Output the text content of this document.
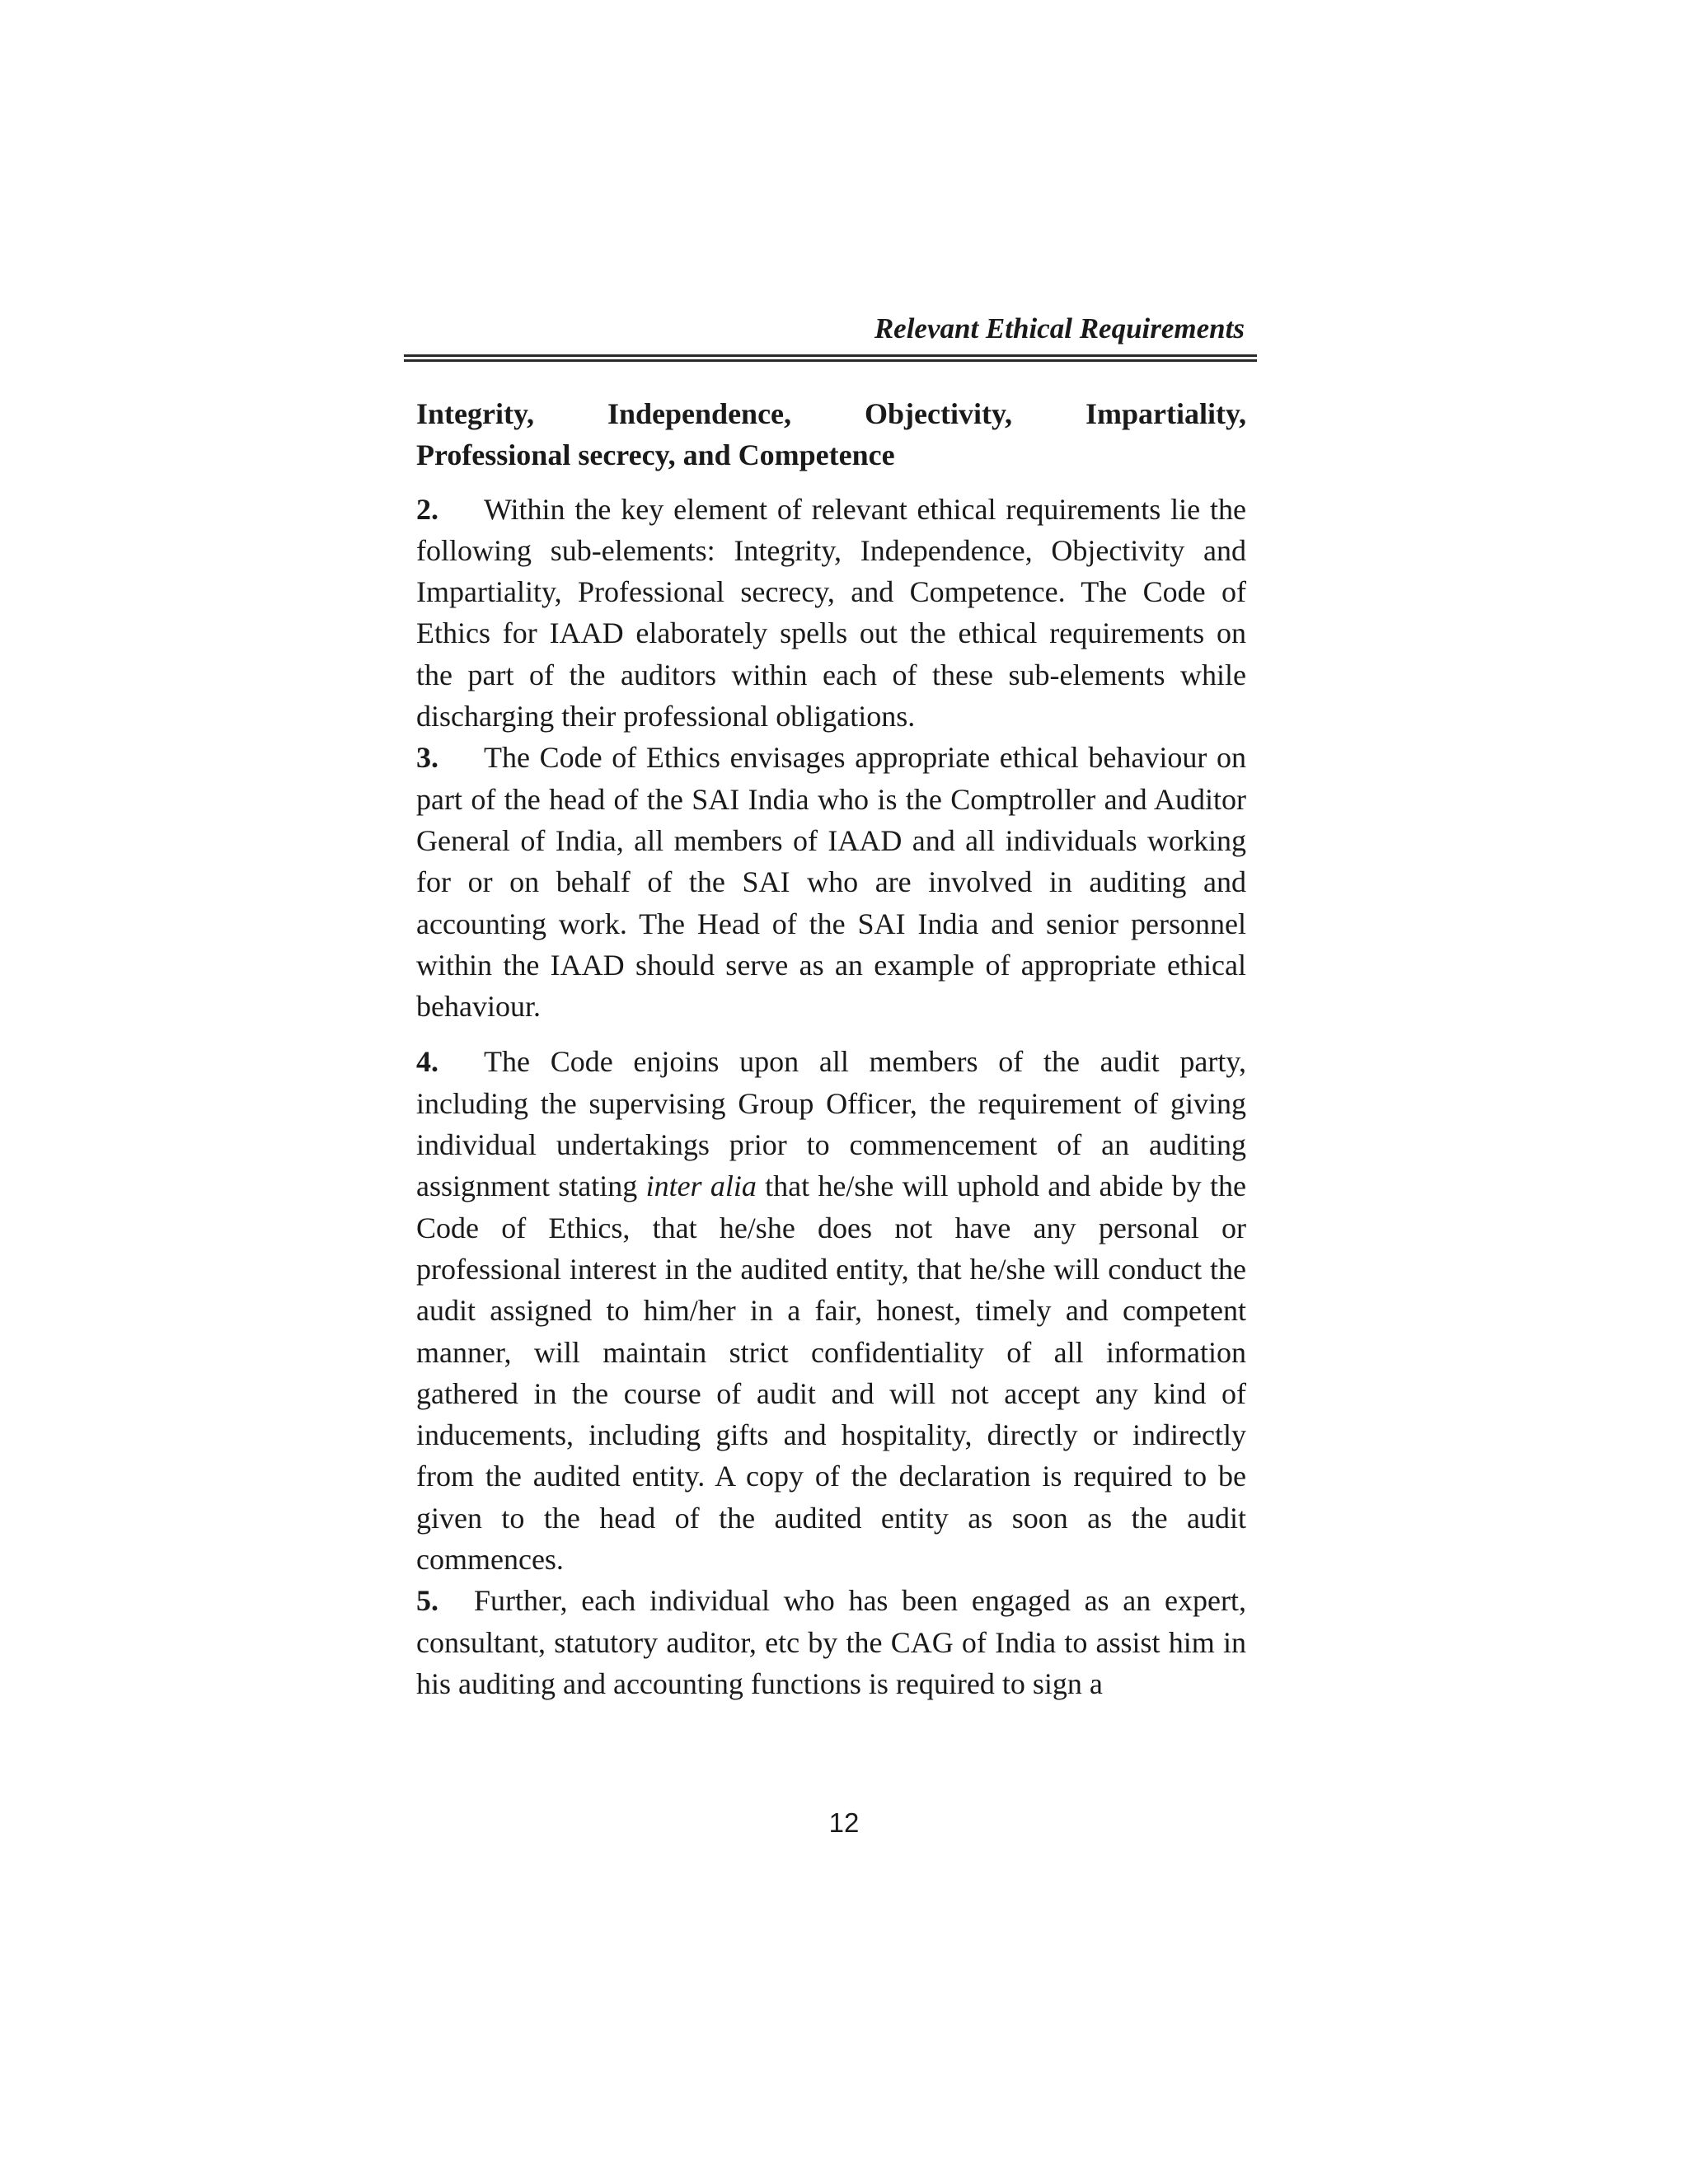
Relevant Ethical Requirements
Integrity, Independence, Objectivity, Impartiality,
Professional secrecy, and Competence

2. Within the key element of relevant ethical requirements lie the following sub-elements: Integrity, Independence, Objectivity and Impartiality, Professional secrecy, and Competence. The Code of Ethics for IAAD elaborately spells out the ethical requirements on the part of the auditors within each of these sub-elements while discharging their professional obligations.

3. The Code of Ethics envisages appropriate ethical behaviour on part of the head of the SAI India who is the Comptroller and Auditor General of India, all members of IAAD and all individuals working for or on behalf of the SAI who are involved in auditing and accounting work. The Head of the SAI India and senior personnel within the IAAD should serve as an example of appropriate ethical behaviour.

4. The Code enjoins upon all members of the audit party, including the supervising Group Officer, the requirement of giving individual undertakings prior to commencement of an auditing assignment stating inter alia that he/she will uphold and abide by the Code of Ethics, that he/she does not have any personal or professional interest in the audited entity, that he/she will conduct the audit assigned to him/her in a fair, honest, timely and competent manner, will maintain strict confidentiality of all information gathered in the course of audit and will not accept any kind of inducements, including gifts and hospitality, directly or indirectly from the audited entity. A copy of the declaration is required to be given to the head of the audited entity as soon as the audit commences.

5. Further, each individual who has been engaged as an expert, consultant, statutory auditor, etc by the CAG of India to assist him in his auditing and accounting functions is required to sign a

12
